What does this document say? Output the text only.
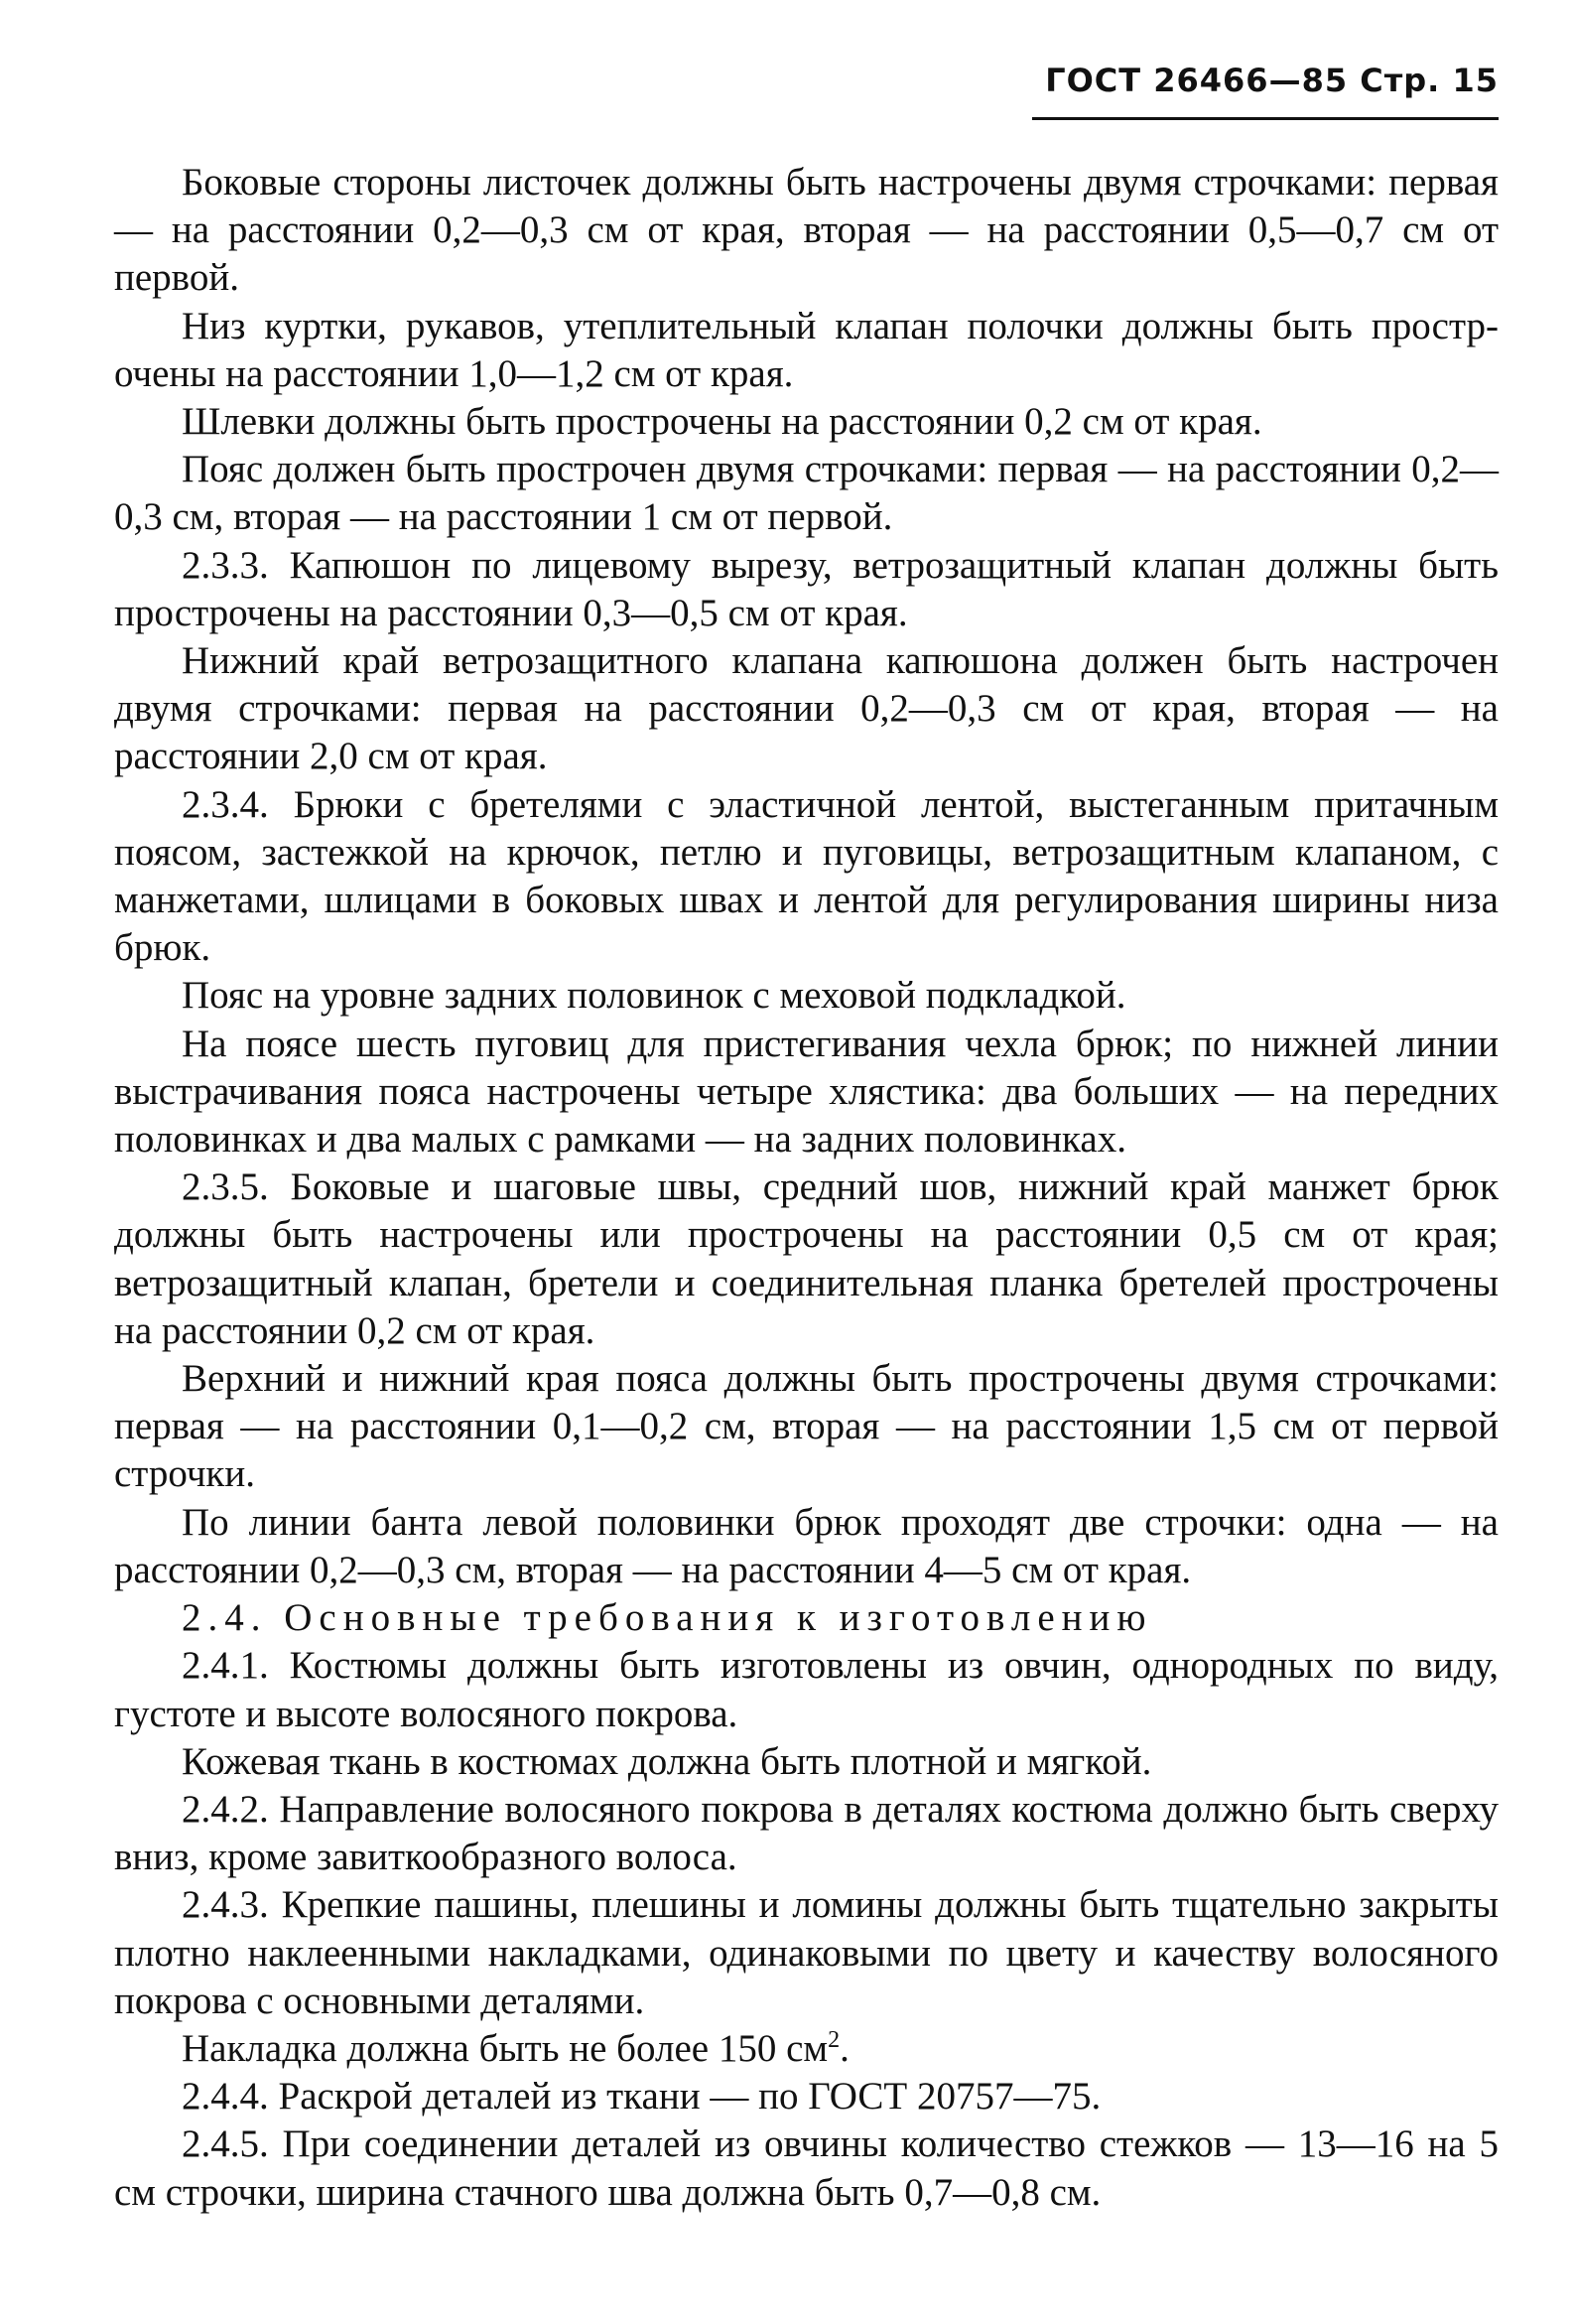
ГОСТ 26466—85 Стр. 15

Боковые стороны листочек должны быть настрочены двумя строчками: первая — на расстоянии 0,2—0,3 см от края, вторая — на расстоянии 0,5—0,7 см от первой.

Низ куртки, рукавов, утеплительный клапан полочки должны быть прострочены на расстоянии 1,0—1,2 см от края.

Шлевки должны быть прострочены на расстоянии 0,2 см от края.

Пояс должен быть прострочен двумя строчками: первая — на расстоянии 0,2—0,3 см, вторая — на расстоянии 1 см от первой.

2.3.3. Капюшон по лицевому вырезу, ветрозащитный клапан должны быть прострочены на расстоянии 0,3—0,5 см от края.

Нижний край ветрозащитного клапана капюшона должен быть настрочен двумя строчками: первая на расстоянии 0,2—0,3 см от края, вторая — на расстоянии 2,0 см от края.

2.3.4. Брюки с бретелями с эластичной лентой, выстеганным притачным поясом, застежкой на крючок, петлю и пуговицы, ветрозащитным клапаном, с манжетами, шлицами в боковых швах и лентой для регулирования ширины низа брюк.

Пояс на уровне задних половинок с меховой подкладкой.

На поясе шесть пуговиц для пристегивания чехла брюк; по нижней линии выстрачивания пояса настрочены четыре хлястика: два больших — на передних половинках и два малых с рамками — на задних половинках.

2.3.5. Боковые и шаговые швы, средний шов, нижний край манжет брюк должны быть настрочены или прострочены на расстоянии 0,5 см от края; ветрозащитный клапан, бретели и соединительная планка бретелей прострочены на расстоянии 0,2 см от края.

Верхний и нижний края пояса должны быть прострочены двумя строчками: первая — на расстоянии 0,1—0,2 см, вторая — на расстоянии 1,5 см от первой строчки.

По линии банта левой половинки брюк проходят две строчки: одна — на расстоянии 0,2—0,3 см, вторая — на расстоянии 4—5 см от края.

2.4. Основные требования к изготовлению

2.4.1. Костюмы должны быть изготовлены из овчин, однородных по виду, густоте и высоте волосяного покрова.

Кожевая ткань в костюмах должна быть плотной и мягкой.

2.4.2. Направление волосяного покрова в деталях костюма должно быть сверху вниз, кроме завиткообразного волоса.

2.4.3. Крепкие пашины, плешины и ломины должны быть тщательно закрыты плотно наклеенными накладками, одинаковыми по цвету и качеству волосяного покрова с основными деталями.

Накладка должна быть не более 150 $см^2$.

2.4.4. Раскрой деталей из ткани — по ГОСТ 20757—75.

2.4.5. При соединении деталей из овчины количество стежков — 13—16 на 5 см строчки, ширина стачного шва должна быть 0,7—0,8 см.
